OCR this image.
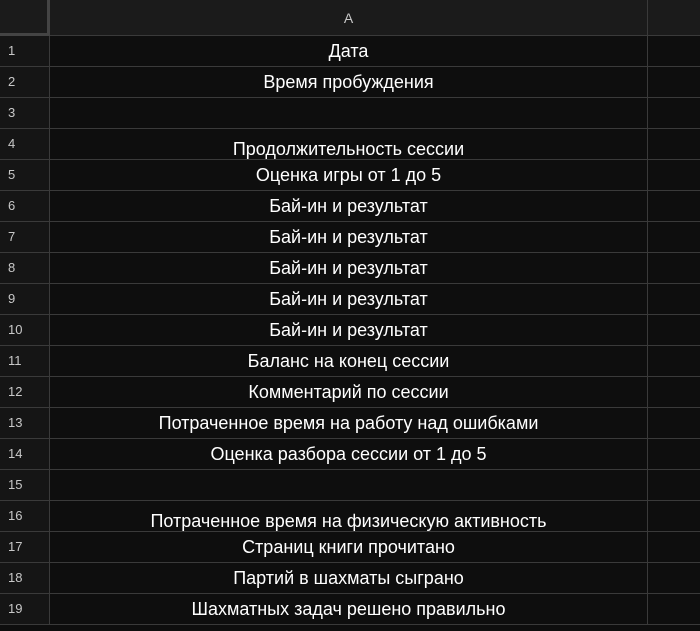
A
1	Дата
2	Время пробуждения
3
4	Продолжительность сессии
5	Оценка игры от 1 до 5
6	Бай-ин и результат
7	Бай-ин и результат
8	Бай-ин и результат
9	Бай-ин и результат
10	Бай-ин и результат
11	Баланс на конец сессии
12	Комментарий по сессии
13	Потраченное время на работу над ошибками
14	Оценка разбора сессии от 1 до 5
15
16	Потраченное время на физическую активность
17	Страниц книги прочитано
18	Партий в шахматы сыграно
19	Шахматных задач решено правильно
